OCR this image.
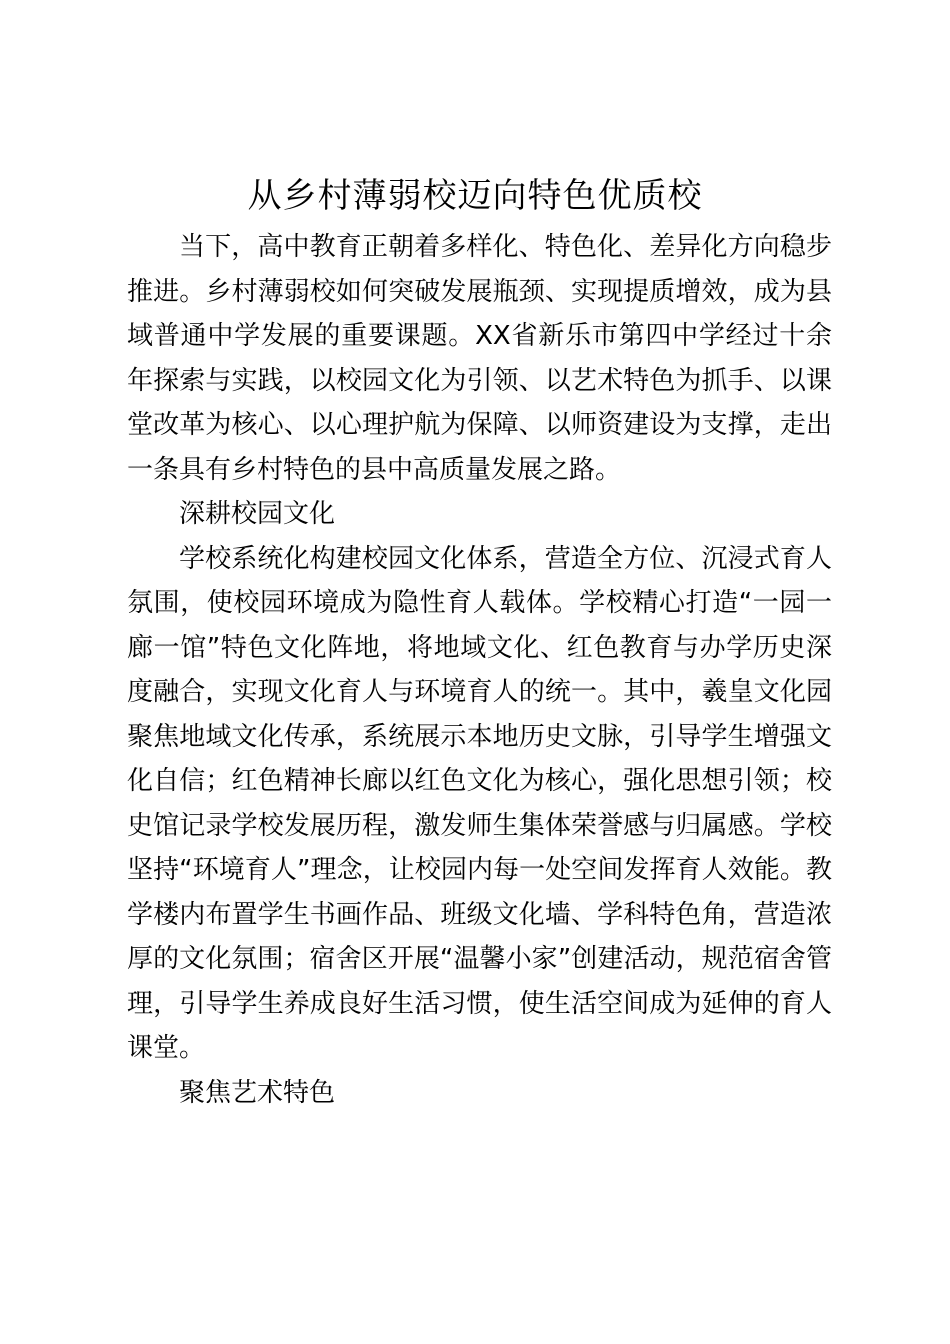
从乡村薄弱校迈向特色优质校

当下，高中教育正朝着多样化、特色化、差异化方向稳步推进。乡村薄弱校如何突破发展瓶颈、实现提质增效，成为县域普通中学发展的重要课题。XX省新乐市第四中学经过十余年探索与实践，以校园文化为引领、以艺术特色为抓手、以课堂改革为核心、以心理护航为保障、以师资建设为支撑，走出一条具有乡村特色的县中高质量发展之路。

深耕校园文化

学校系统化构建校园文化体系，营造全方位、沉浸式育人氛围，使校园环境成为隐性育人载体。学校精心打造“一园一廊一馆”特色文化阵地，将地域文化、红色教育与办学历史深度融合，实现文化育人与环境育人的统一。其中，羲皇文化园聚焦地域文化传承，系统展示本地历史文脉，引导学生增强文化自信；红色精神长廊以红色文化为核心，强化思想引领；校史馆记录学校发展历程，激发师生集体荣誉感与归属感。学校坚持“环境育人”理念，让校园内每一处空间发挥育人效能。教学楼内布置学生书画作品、班级文化墙、学科特色角，营造浓厚的文化氛围；宿舍区开展“温馨小家”创建活动，规范宿舍管理，引导学生养成良好生活习惯，使生活空间成为延伸的育人课堂。

聚焦艺术特色
